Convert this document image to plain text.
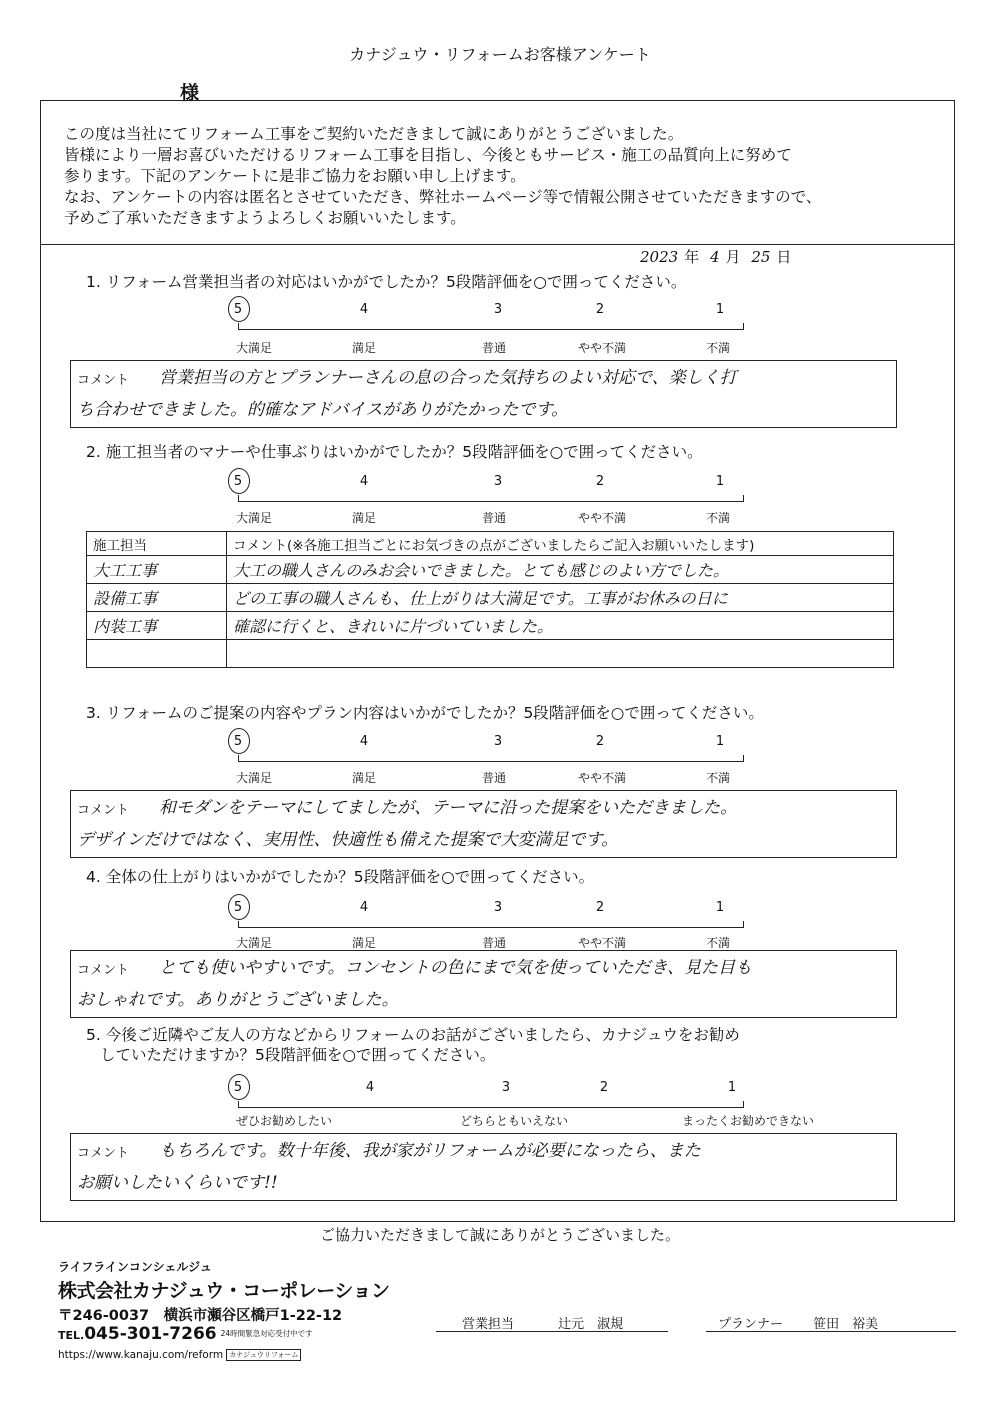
カナジュウ・リフォームお客様アンケート
様
この度は当社にてリフォーム工事をご契約いただきまして誠にありがとうございました。
皆様により一層お喜びいただけるリフォーム工事を目指し、今後ともサービス・施工の品質向上に努めて
参ります。下記のアンケートに是非ご協力をお願い申し上げます。
なお、アンケートの内容は匿名とさせていただき、弊社ホームページ等で情報公開させていただきますので、
予めご了承いただきますようよろしくお願いいたします。
2023 年 4 月 25 日
1. リフォーム営業担当者の対応はいかがでしたか？5段階評価を○で囲ってください。
5	4	3	2	1
大満足	満足	普通	やや不満	不満
コメント 営業担当の方とプランナーさんの息の合った気持ちのよい対応で、楽しく打
ち合わせできました。的確なアドバイスがありがたかったです。
2. 施工担当者のマナーや仕事ぶりはいかがでしたか？5段階評価を○で囲ってください。
5	4	3	2	1
大満足	満足	普通	やや不満	不満
施工担当	コメント(※各施工担当ごとにお気づきの点がございましたらご記入お願いいたします)
大工工事	大工の職人さんのみお会いできました。とても感じのよい方でした。
設備工事	どの工事の職人さんも、仕上がりは大満足です。工事がお休みの日に
内装工事	確認に行くと、きれいに片づいていました。

3. リフォームのご提案の内容やプラン内容はいかがでしたか？5段階評価を○で囲ってください。
5	4	3	2	1
大満足	満足	普通	やや不満	不満
コメント 和モダンをテーマにしてましたが、テーマに沿った提案をいただきました。
デザインだけではなく、実用性、快適性も備えた提案で大変満足です。
4. 全体の仕上がりはいかがでしたか？5段階評価を○で囲ってください。
5	4	3	2	1
大満足	満足	普通	やや不満	不満
コメント とても使いやすいです。コンセントの色にまで気を使っていただき、見た目も
おしゃれです。ありがとうございました。
5. 今後ご近隣やご友人の方などからリフォームのお話がございましたら、カナジュウをお勧め
していただけますか？5段階評価を○で囲ってください。
5	4	3	2	1
ぜひお勧めしたい	どちらともいえない	まったくお勧めできない
コメント もちろんです。数十年後、我が家がリフォームが必要になったら、また
お願いしたいくらいです!!
ご協力いただきまして誠にありがとうございました。
ライフラインコンシェルジュ
株式会社カナジュウ・コーポレーション
〒246-0037　横浜市瀬谷区橋戸1-22-12
TEL.045-301-7266 24時間緊急対応受付中です
https://www.kanaju.com/reform カナジュウリフォーム
営業担当	辻元　淑規	プランナー 笹田　裕美
